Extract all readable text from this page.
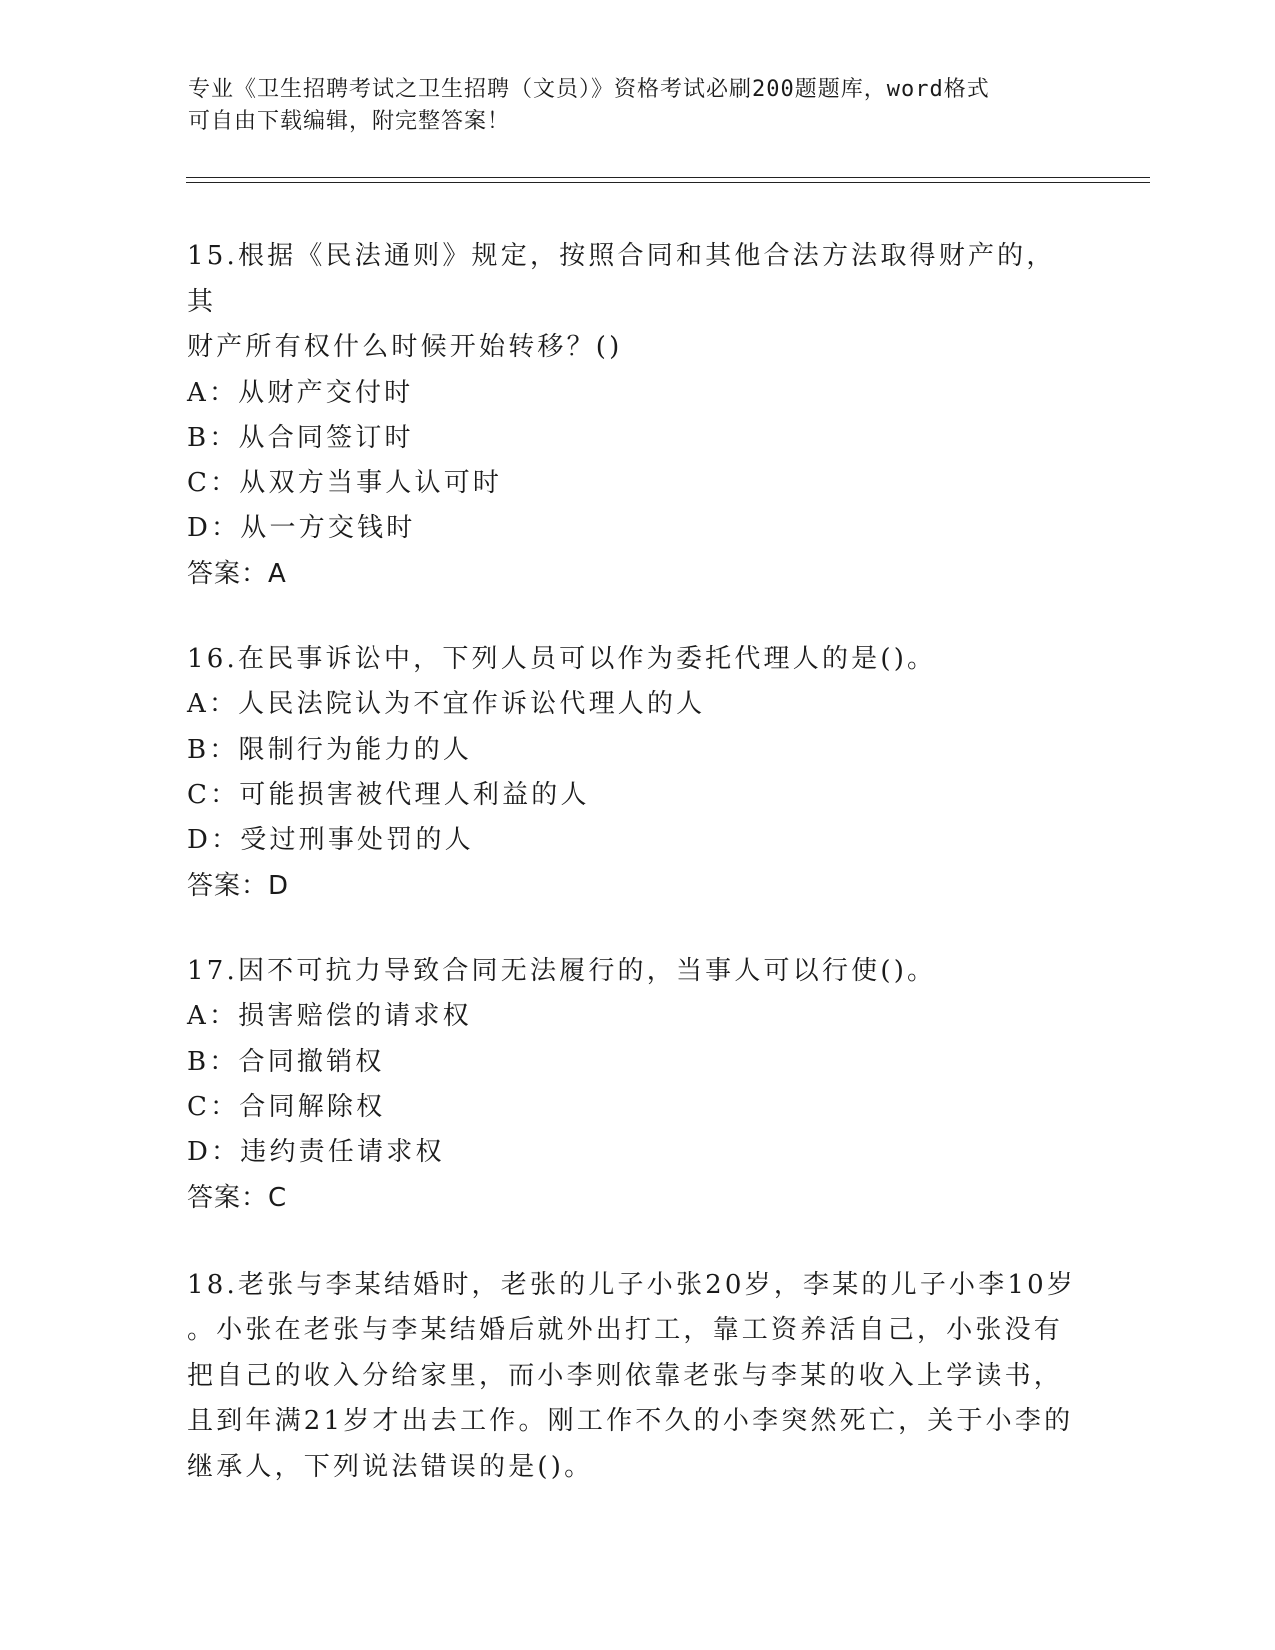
专业《卫生招聘考试之卫生招聘（文员）》资格考试必刷200题题库，word格式
可自由下载编辑，附完整答案！
15.根据《民法通则》规定，按照合同和其他合法方法取得财产的，其
财产所有权什么时候开始转移？()
A：从财产交付时
B：从合同签订时
C：从双方当事人认可时
D：从一方交钱时
答案：A
16.在民事诉讼中，下列人员可以作为委托代理人的是()。
A：人民法院认为不宜作诉讼代理人的人
B：限制行为能力的人
C：可能损害被代理人利益的人
D：受过刑事处罚的人
答案：D
17.因不可抗力导致合同无法履行的，当事人可以行使()。
A：损害赔偿的请求权
B：合同撤销权
C：合同解除权
D：违约责任请求权
答案：C
18.老张与李某结婚时，老张的儿子小张20岁，李某的儿子小李10岁
。小张在老张与李某结婚后就外出打工，靠工资养活自己，小张没有
把自己的收入分给家里，而小李则依靠老张与李某的收入上学读书，
且到年满21岁才出去工作。刚工作不久的小李突然死亡，关于小李的
继承人，下列说法错误的是()。
